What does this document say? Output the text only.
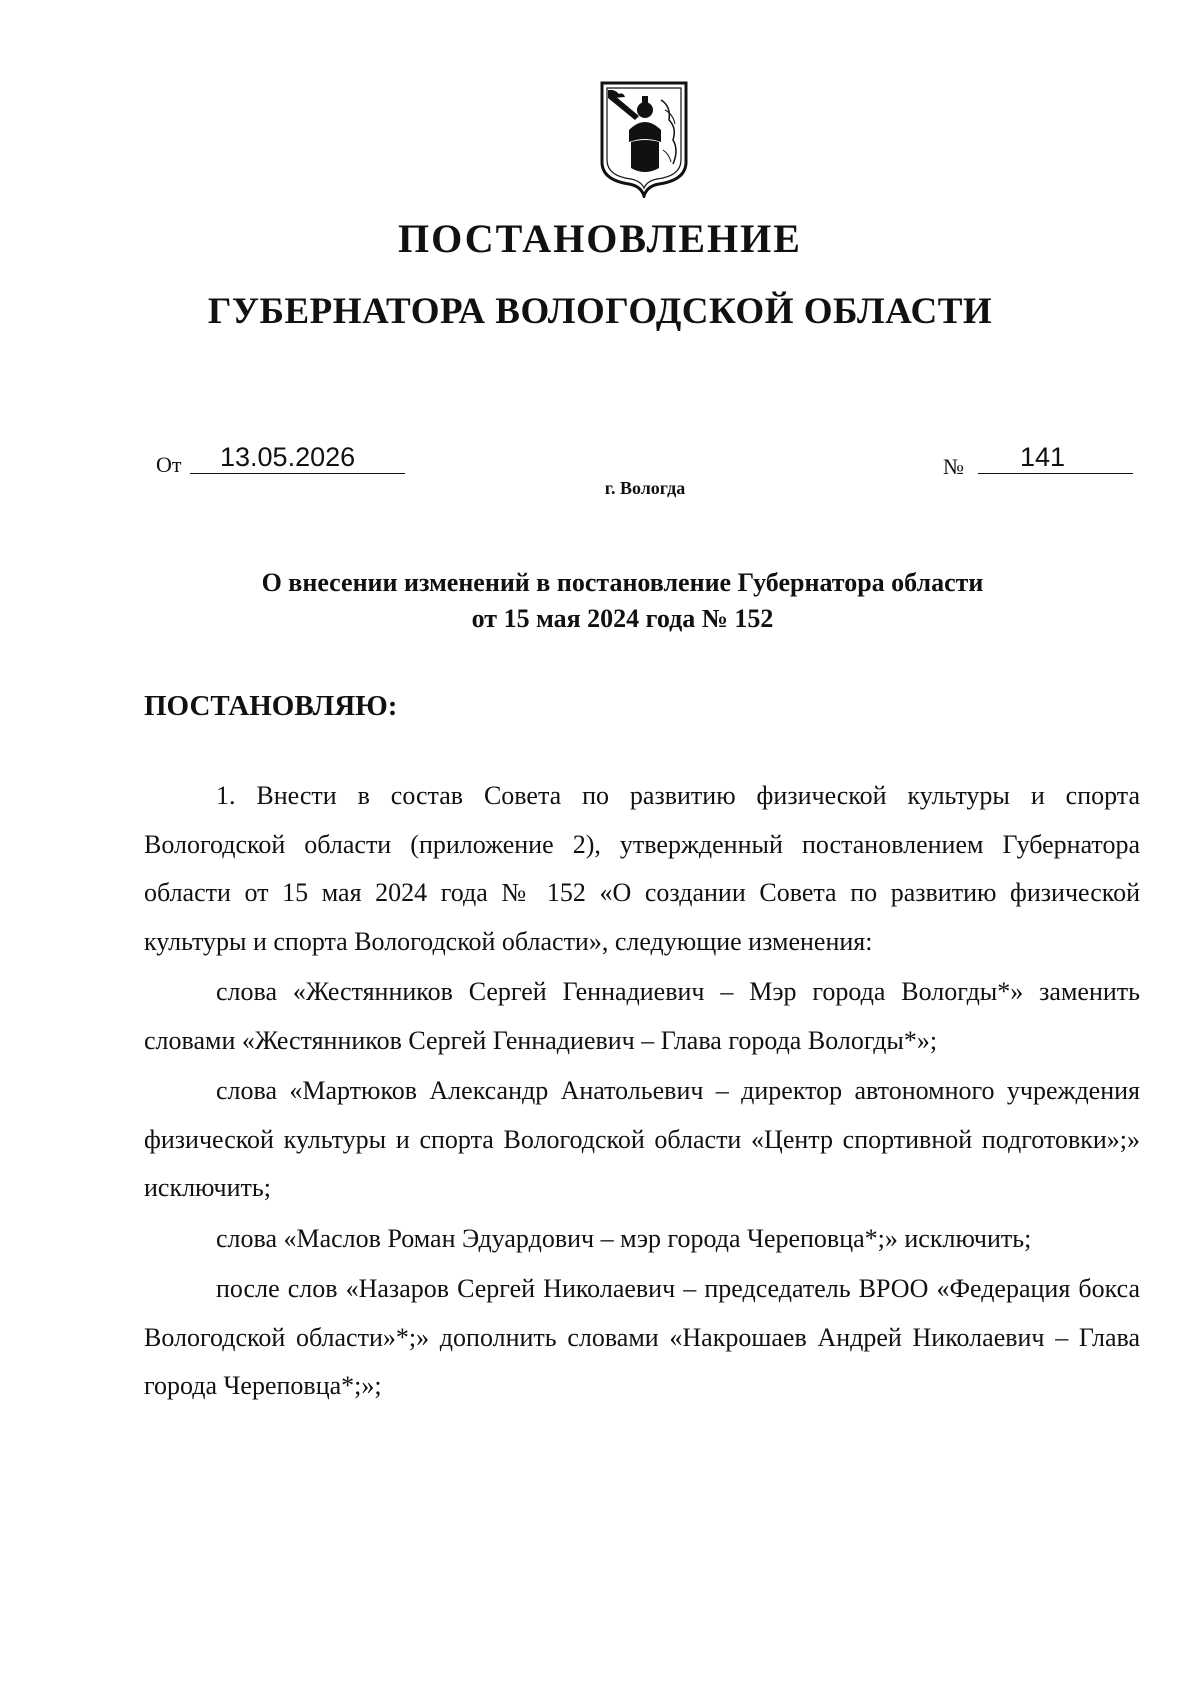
ПОСТАНОВЛЕНИЕ
ГУБЕРНАТОРА ВОЛОГОДСКОЙ ОБЛАСТИ
От	13.05.2026	№	141
г. Вологда
О внесении изменений в постановление Губернатора области
от 15 мая 2024 года № 152
ПОСТАНОВЛЯЮ:

1. Внести в состав Совета по развитию физической культуры и спорта Вологодской области (приложение 2), утвержденный постановлением Губернатора области от 15 мая 2024 года № 152 «О создании Совета по развитию физической культуры и спорта Вологодской области», следующие изменения:

слова «Жестянников Сергей Геннадиевич – Мэр города Вологды*» заменить словами «Жестянников Сергей Геннадиевич – Глава города Вологды*»;

слова «Мартюков Александр Анатольевич – директор автономного учреждения физической культуры и спорта Вологодской области «Центр спортивной подготовки»;» исключить;

слова «Маслов Роман Эдуардович – мэр города Череповца*;» исключить;

после слов «Назаров Сергей Николаевич – председатель ВРОО «Федерация бокса Вологодской области»*;» дополнить словами «Накрошаев Андрей Николаевич – Глава города Череповца*;»;
